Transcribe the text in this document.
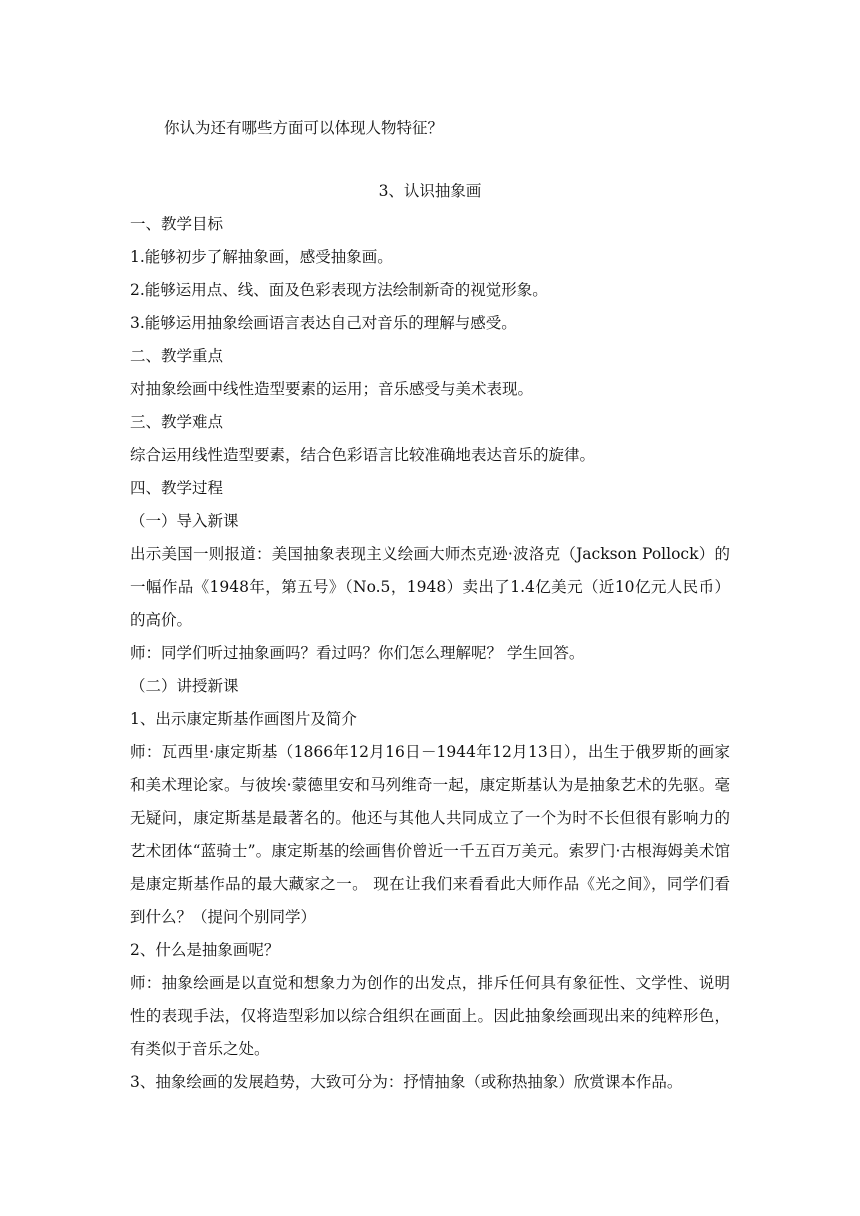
你认为还有哪些方面可以体现人物特征？

3、认识抽象画

一、教学目标

1.能够初步了解抽象画，感受抽象画。

2.能够运用点、线、面及色彩表现方法绘制新奇的视觉形象。

3.能够运用抽象绘画语言表达自己对音乐的理解与感受。

二、教学重点

对抽象绘画中线性造型要素的运用；音乐感受与美术表现。

三、教学难点

综合运用线性造型要素，结合色彩语言比较准确地表达音乐的旋律。

四、教学过程

（一）导入新课

出示美国一则报道：美国抽象表现主义绘画大师杰克逊·波洛克（Jackson Pollock）的一幅作品《1948年，第五号》（No.5，1948）卖出了1.4亿美元（近10亿元人民币）的高价。

师：同学们听过抽象画吗？看过吗？你们怎么理解呢？ 学生回答。

（二）讲授新课

1、出示康定斯基作画图片及简介

师：瓦西里·康定斯基（1866年12月16日－1944年12月13日），出生于俄罗斯的画家和美术理论家。与彼埃·蒙德里安和马列维奇一起，康定斯基认为是抽象艺术的先驱。毫无疑问，康定斯基是最著名的。他还与其他人共同成立了一个为时不长但很有影响力的艺术团体“蓝骑士”。康定斯基的绘画售价曾近一千五百万美元。索罗门·古根海姆美术馆是康定斯基作品的最大藏家之一。 现在让我们来看看此大师作品《光之间》，同学们看到什么？（提问个别同学）

2、什么是抽象画呢？

师：抽象绘画是以直觉和想象力为创作的出发点，排斥任何具有象征性、文学性、说明性的表现手法，仅将造型彩加以综合组织在画面上。因此抽象绘画现出来的纯粹形色，有类似于音乐之处。

3、抽象绘画的发展趋势，大致可分为：抒情抽象（或称热抽象）欣赏课本作品。
